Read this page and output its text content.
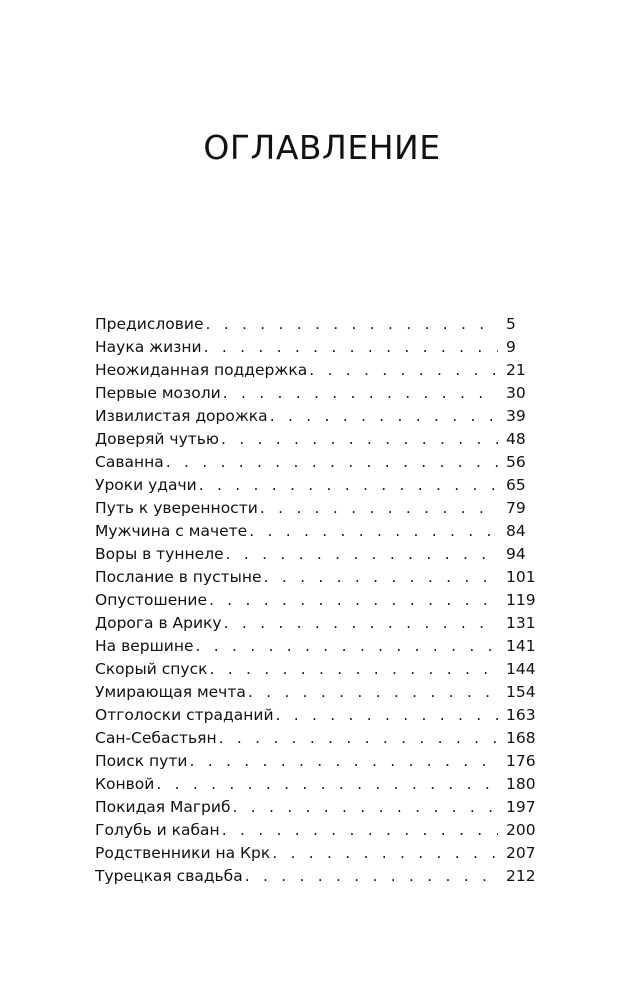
ОГЛАВЛЕНИЕ
Предисловие . . .	5
Наука жизни . . .	9
Неожиданная поддержка . . .	21
Первые мозоли . . .	30
Извилистая дорожка . . .	39
Доверяй чутью . . .	48
Саванна . . .	56
Уроки удачи . . .	65
Путь к уверенности . . .	79
Мужчина с мачете . . .	84
Воры в туннеле . . .	94
Послание в пустыне . . .	101
Опустошение . . .	119
Дорога в Арику . . .	131
На вершине . . .	141
Скорый спуск . . .	144
Умирающая мечта . . .	154
Отголоски страданий . . .	163
Сан-Себастьян . . .	168
Поиск пути . . .	176
Конвой . . .	180
Покидая Магриб . . .	197
Голубь и кабан . . .	200
Родственники на Крк . . .	207
Турецкая свадьба . . .	212
